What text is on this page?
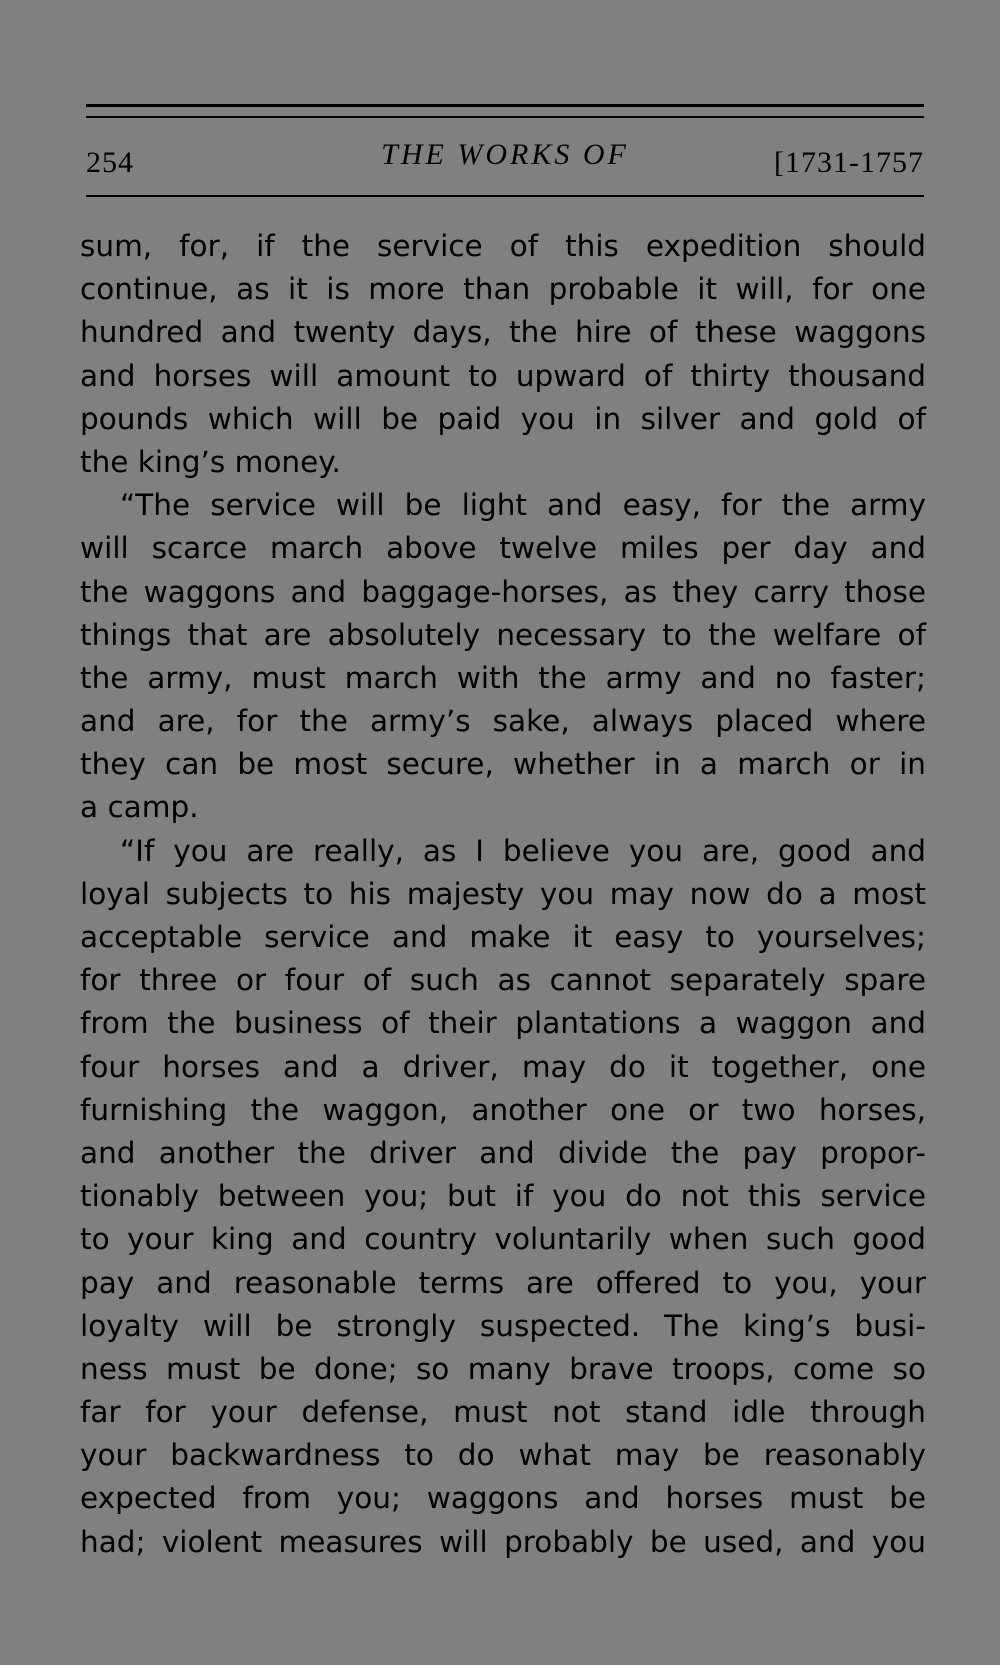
254	THE WORKS OF	[1731-1757
sum, for, if the service of this expedition should
continue, as it is more than probable it will, for one
hundred and twenty days, the hire of these waggons
and horses will amount to upward of thirty thousand
pounds which will be paid you in silver and gold of
the king’s money.
“The service will be light and easy, for the army
will scarce march above twelve miles per day and
the waggons and baggage-horses, as they carry those
things that are absolutely necessary to the welfare of
the army, must march with the army and no faster;
and are, for the army’s sake, always placed where
they can be most secure, whether in a march or in
a camp.
“If you are really, as I believe you are, good and
loyal subjects to his majesty you may now do a most
acceptable service and make it easy to yourselves;
for three or four of such as cannot separately spare
from the business of their plantations a waggon and
four horses and a driver, may do it together, one
furnishing the waggon, another one or two horses,
and another the driver and divide the pay propor-
tionably between you; but if you do not this service
to your king and country voluntarily when such good
pay and reasonable terms are offered to you, your
loyalty will be strongly suspected. The king’s busi-
ness must be done; so many brave troops, come so
far for your defense, must not stand idle through
your backwardness to do what may be reasonably
expected from you; waggons and horses must be
had; violent measures will probably be used, and you
